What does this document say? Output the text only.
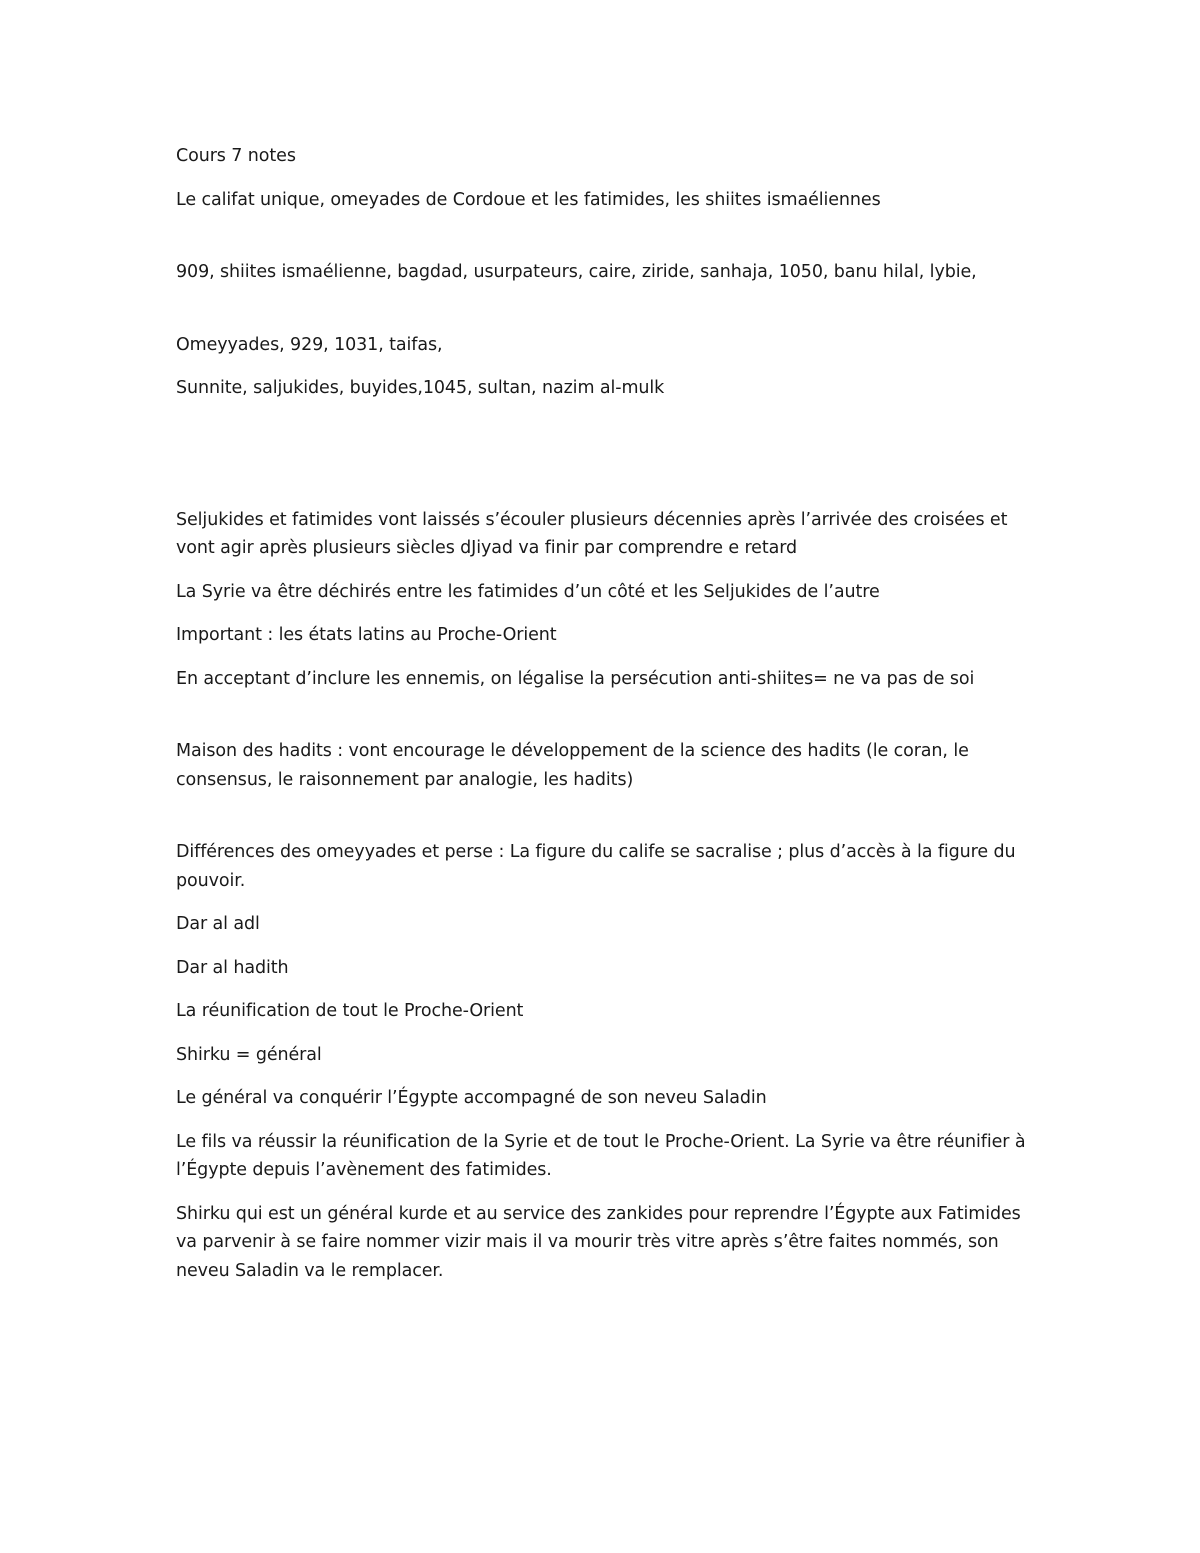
Cours 7 notes

Le califat unique, omeyades de Cordoue et les fatimides, les shiites ismaéliennes

909, shiites ismaélienne, bagdad, usurpateurs, caire, ziride, sanhaja, 1050, banu hilal, lybie,

Omeyyades, 929, 1031, taifas,

Sunnite, saljukides, buyides,1045, sultan, nazim al-mulk

Seljukides et fatimides vont laissés s’écouler plusieurs décennies après l’arrivée des croisées et vont agir après plusieurs siècles dJiyad va finir par comprendre e retard

La Syrie va être déchirés entre les fatimides d’un côté et les Seljukides de l’autre

Important : les états latins au Proche-Orient

En acceptant d’inclure les ennemis, on légalise la persécution anti-shiites= ne va pas de soi

Maison des hadits : vont encourage le développement de la science des hadits (le coran, le consensus, le raisonnement par analogie, les hadits)

Différences des omeyyades et perse : La figure du calife se sacralise ; plus d’accès à la figure du pouvoir.

Dar al adl

Dar al hadith

La réunification de tout le Proche-Orient

Shirku = général

Le général va conquérir l’Égypte accompagné de son neveu Saladin

Le fils va réussir la réunification de la Syrie et de tout le Proche-Orient. La Syrie va être réunifier à l’Égypte depuis l’avènement des fatimides.

Shirku qui est un général kurde et au service des zankides pour reprendre l’Égypte aux Fatimides va parvenir à se faire nommer vizir mais il va mourir très vitre après s’être faites nommés, son neveu Saladin va le remplacer.
